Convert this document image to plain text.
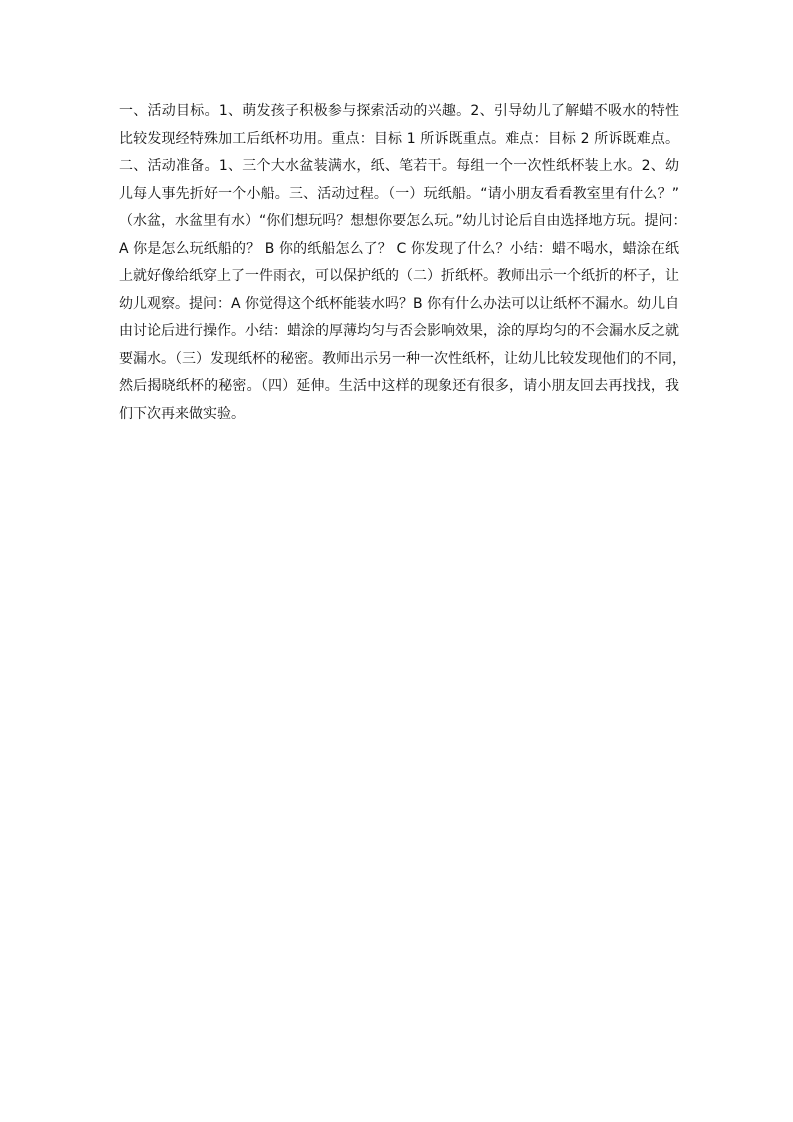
一、活动目标。1、萌发孩子积极参与探索活动的兴趣。2、引导幼儿了解蜡不吸水的特性
比较发现经特殊加工后纸杯功用。重点：目标 1 所诉既重点。难点：目标 2 所诉既难点。
二、活动准备。1、三个大水盆装满水，纸、笔若干。每组一个一次性纸杯装上水。2、幼
儿每人事先折好一个小船。三、活动过程。（一）玩纸船。“请小朋友看看教室里有什么？”
（水盆，水盆里有水）“你们想玩吗？想想你要怎么玩。”幼儿讨论后自由选择地方玩。提问：
A 你是怎么玩纸船的？ B 你的纸船怎么了？ C 你发现了什么？小结：蜡不喝水，蜡涂在纸
上就好像给纸穿上了一件雨衣，可以保护纸的（二）折纸杯。教师出示一个纸折的杯子，让
幼儿观察。提问：A 你觉得这个纸杯能装水吗？B 你有什么办法可以让纸杯不漏水。幼儿自
由讨论后进行操作。小结：蜡涂的厚薄均匀与否会影响效果，涂的厚均匀的不会漏水反之就
要漏水。（三）发现纸杯的秘密。教师出示另一种一次性纸杯，让幼儿比较发现他们的不同，
然后揭晓纸杯的秘密。（四）延伸。生活中这样的现象还有很多，请小朋友回去再找找，我
们下次再来做实验。
